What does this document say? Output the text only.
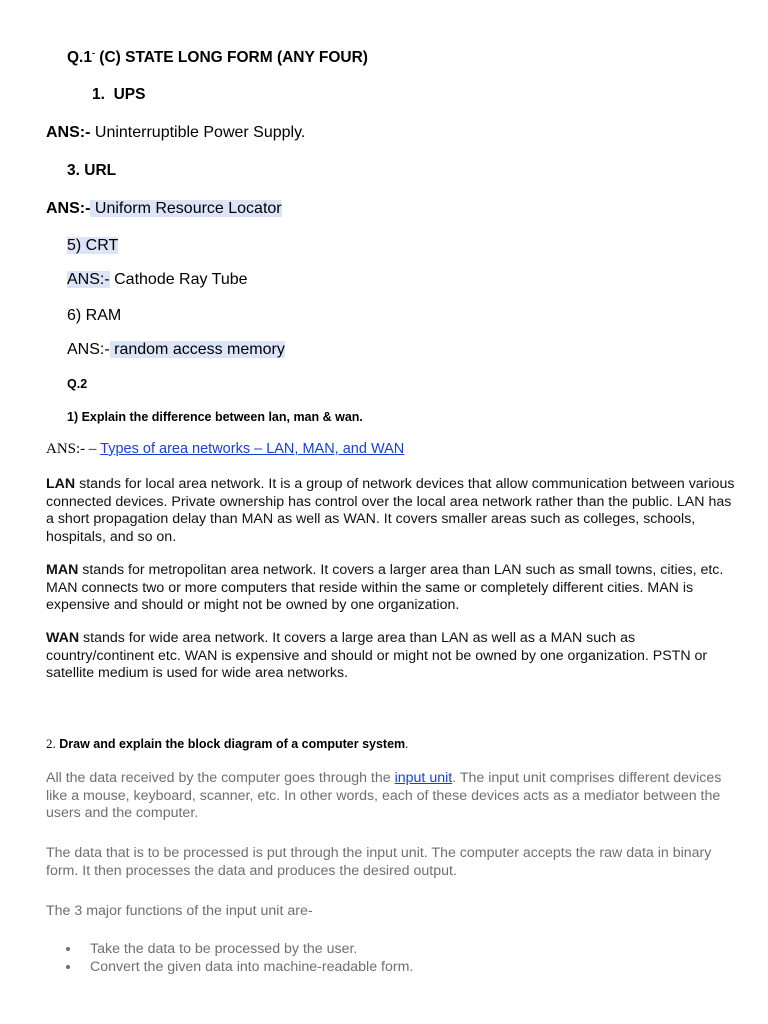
Q.1- (C) STATE LONG FORM (ANY FOUR)
1. UPS
ANS:- Uninterruptible Power Supply.
3. URL
ANS:- Uniform Resource Locator
5) CRT
ANS:- Cathode Ray Tube
6) RAM
ANS:- random access memory
Q.2
1) Explain the difference between lan, man & wan.
ANS:- – Types of area networks – LAN, MAN, and WAN
LAN stands for local area network. It is a group of network devices that allow communication between various connected devices. Private ownership has control over the local area network rather than the public. LAN has a short propagation delay than MAN as well as WAN. It covers smaller areas such as colleges, schools, hospitals, and so on.
MAN stands for metropolitan area network. It covers a larger area than LAN such as small towns, cities, etc. MAN connects two or more computers that reside within the same or completely different cities. MAN is expensive and should or might not be owned by one organization.
WAN stands for wide area network. It covers a large area than LAN as well as a MAN such as country/continent etc. WAN is expensive and should or might not be owned by one organization. PSTN or satellite medium is used for wide area networks.
2. Draw and explain the block diagram of a computer system.
All the data received by the computer goes through the input unit. The input unit comprises different devices like a mouse, keyboard, scanner, etc. In other words, each of these devices acts as a mediator between the users and the computer.
The data that is to be processed is put through the input unit. The computer accepts the raw data in binary form. It then processes the data and produces the desired output.
The 3 major functions of the input unit are-
Take the data to be processed by the user.
Convert the given data into machine-readable form.
